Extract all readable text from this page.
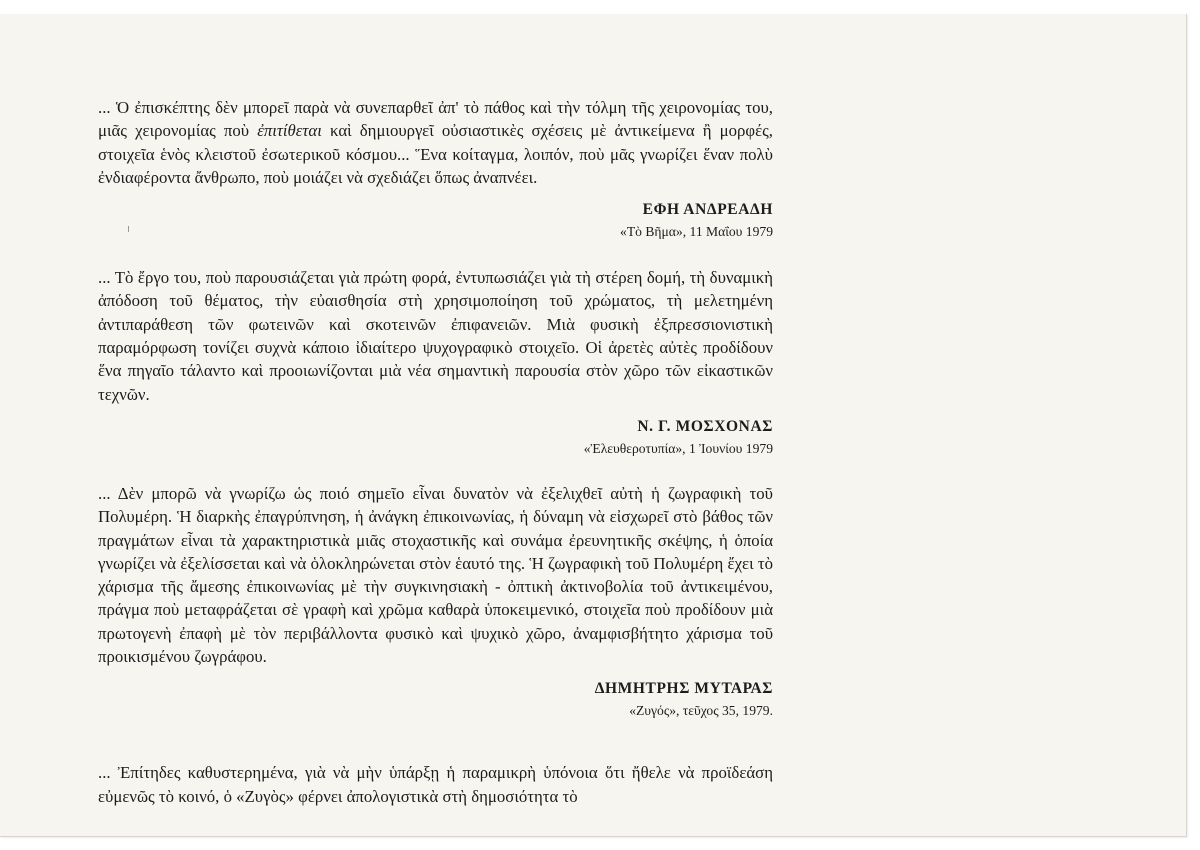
... Ὁ ἐπισκέπτης δὲν μπορεῖ παρὰ νὰ συνεπαρθεῖ ἀπ' τὸ πάθος καὶ τὴν τόλμη τῆς χειρονομίας του, μιᾶς χειρονομίας ποὺ ἐπιτίθεται καὶ δημιουργεῖ οὐσιαστικὲς σχέσεις μὲ ἀντικείμενα ἢ μορφές, στοιχεῖα ἑνὸς κλειστοῦ ἐσωτερικοῦ κόσμου... Ἕνα κοίταγμα, λοιπόν, ποὺ μᾶς γνωρίζει ἕναν πολὺ ἐνδιαφέροντα ἄνθρωπο, ποὺ μοιάζει νὰ σχεδιάζει ὅπως ἀναπνέει.

ΕΦΗ ΑΝΔΡΕΑΔΗ
«Τὸ Βῆμα», 11 Μαΐου 1979

... Τὸ ἔργο του, ποὺ παρουσιάζεται γιὰ πρώτη φορά, ἐντυπωσιάζει γιὰ τὴ στέρεη δομή, τὴ δυναμικὴ ἀπόδοση τοῦ θέματος, τὴν εὐαισθησία στὴ χρησιμοποίηση τοῦ χρώματος, τὴ μελετημένη ἀντιπαράθεση τῶν φωτεινῶν καὶ σκοτεινῶν ἐπιφανειῶν. Μιὰ φυσικὴ ἐξπρεσσιονιστικὴ παραμόρφωση τονίζει συχνὰ κάποιο ἰδιαίτερο ψυχογραφικὸ στοιχεῖο. Οἱ ἀρετὲς αὐτὲς προδίδουν ἕνα πηγαῖο τάλαντο καὶ προοιωνίζονται μιὰ νέα σημαντικὴ παρουσία στὸν χῶρο τῶν εἰκαστικῶν τεχνῶν.

Ν. Γ. ΜΟΣΧΟΝΑΣ
«Ἐλευθεροτυπία», 1 Ἰουνίου 1979

... Δὲν μπορῶ νὰ γνωρίζω ὡς ποιό σημεῖο εἶναι δυνατὸν νὰ ἐξελιχθεῖ αὐτὴ ἡ ζωγραφικὴ τοῦ Πολυμέρη. Ἡ διαρκὴς ἐπαγρύπνηση, ἡ ἀνάγκη ἐπικοινωνίας, ἡ δύναμη νὰ εἰσχωρεῖ στὸ βάθος τῶν πραγμάτων εἶναι τὰ χαρακτηριστικὰ μιᾶς στοχαστικῆς καὶ συνάμα ἐρευνητικῆς σκέψης, ἡ ὁποία γνωρίζει νὰ ἐξελίσσεται καὶ νὰ ὁλοκληρώνεται στὸν ἑαυτό της. Ἡ ζωγραφικὴ τοῦ Πολυμέρη ἔχει τὸ χάρισμα τῆς ἄμεσης ἐπικοινωνίας μὲ τὴν συγκινησιακὴ - ὀπτικὴ ἀκτινοβολία τοῦ ἀντικειμένου, πράγμα ποὺ μεταφράζεται σὲ γραφὴ καὶ χρῶμα καθαρὰ ὑποκειμενικό, στοιχεῖα ποὺ προδίδουν μιὰ πρωτογενὴ ἐπαφὴ μὲ τὸν περιβάλλοντα φυσικὸ καὶ ψυχικὸ χῶρο, ἀναμφισβήτητο χάρισμα τοῦ προικισμένου ζωγράφου.

ΔΗΜΗΤΡΗΣ ΜΥΤΑΡΑΣ
«Ζυγός», τεῦχος 35, 1979.

... Ἐπίτηδες καθυστερημένα, γιὰ νὰ μὴν ὑπάρξῃ ἡ παραμικρὴ ὑπόνοια ὅτι ἤθελε νὰ προϊδεάση εὐμενῶς τὸ κοινό, ὁ «Ζυγὸς» φέρνει ἀπολογιστικὰ στὴ δημοσιότητα τὸ
